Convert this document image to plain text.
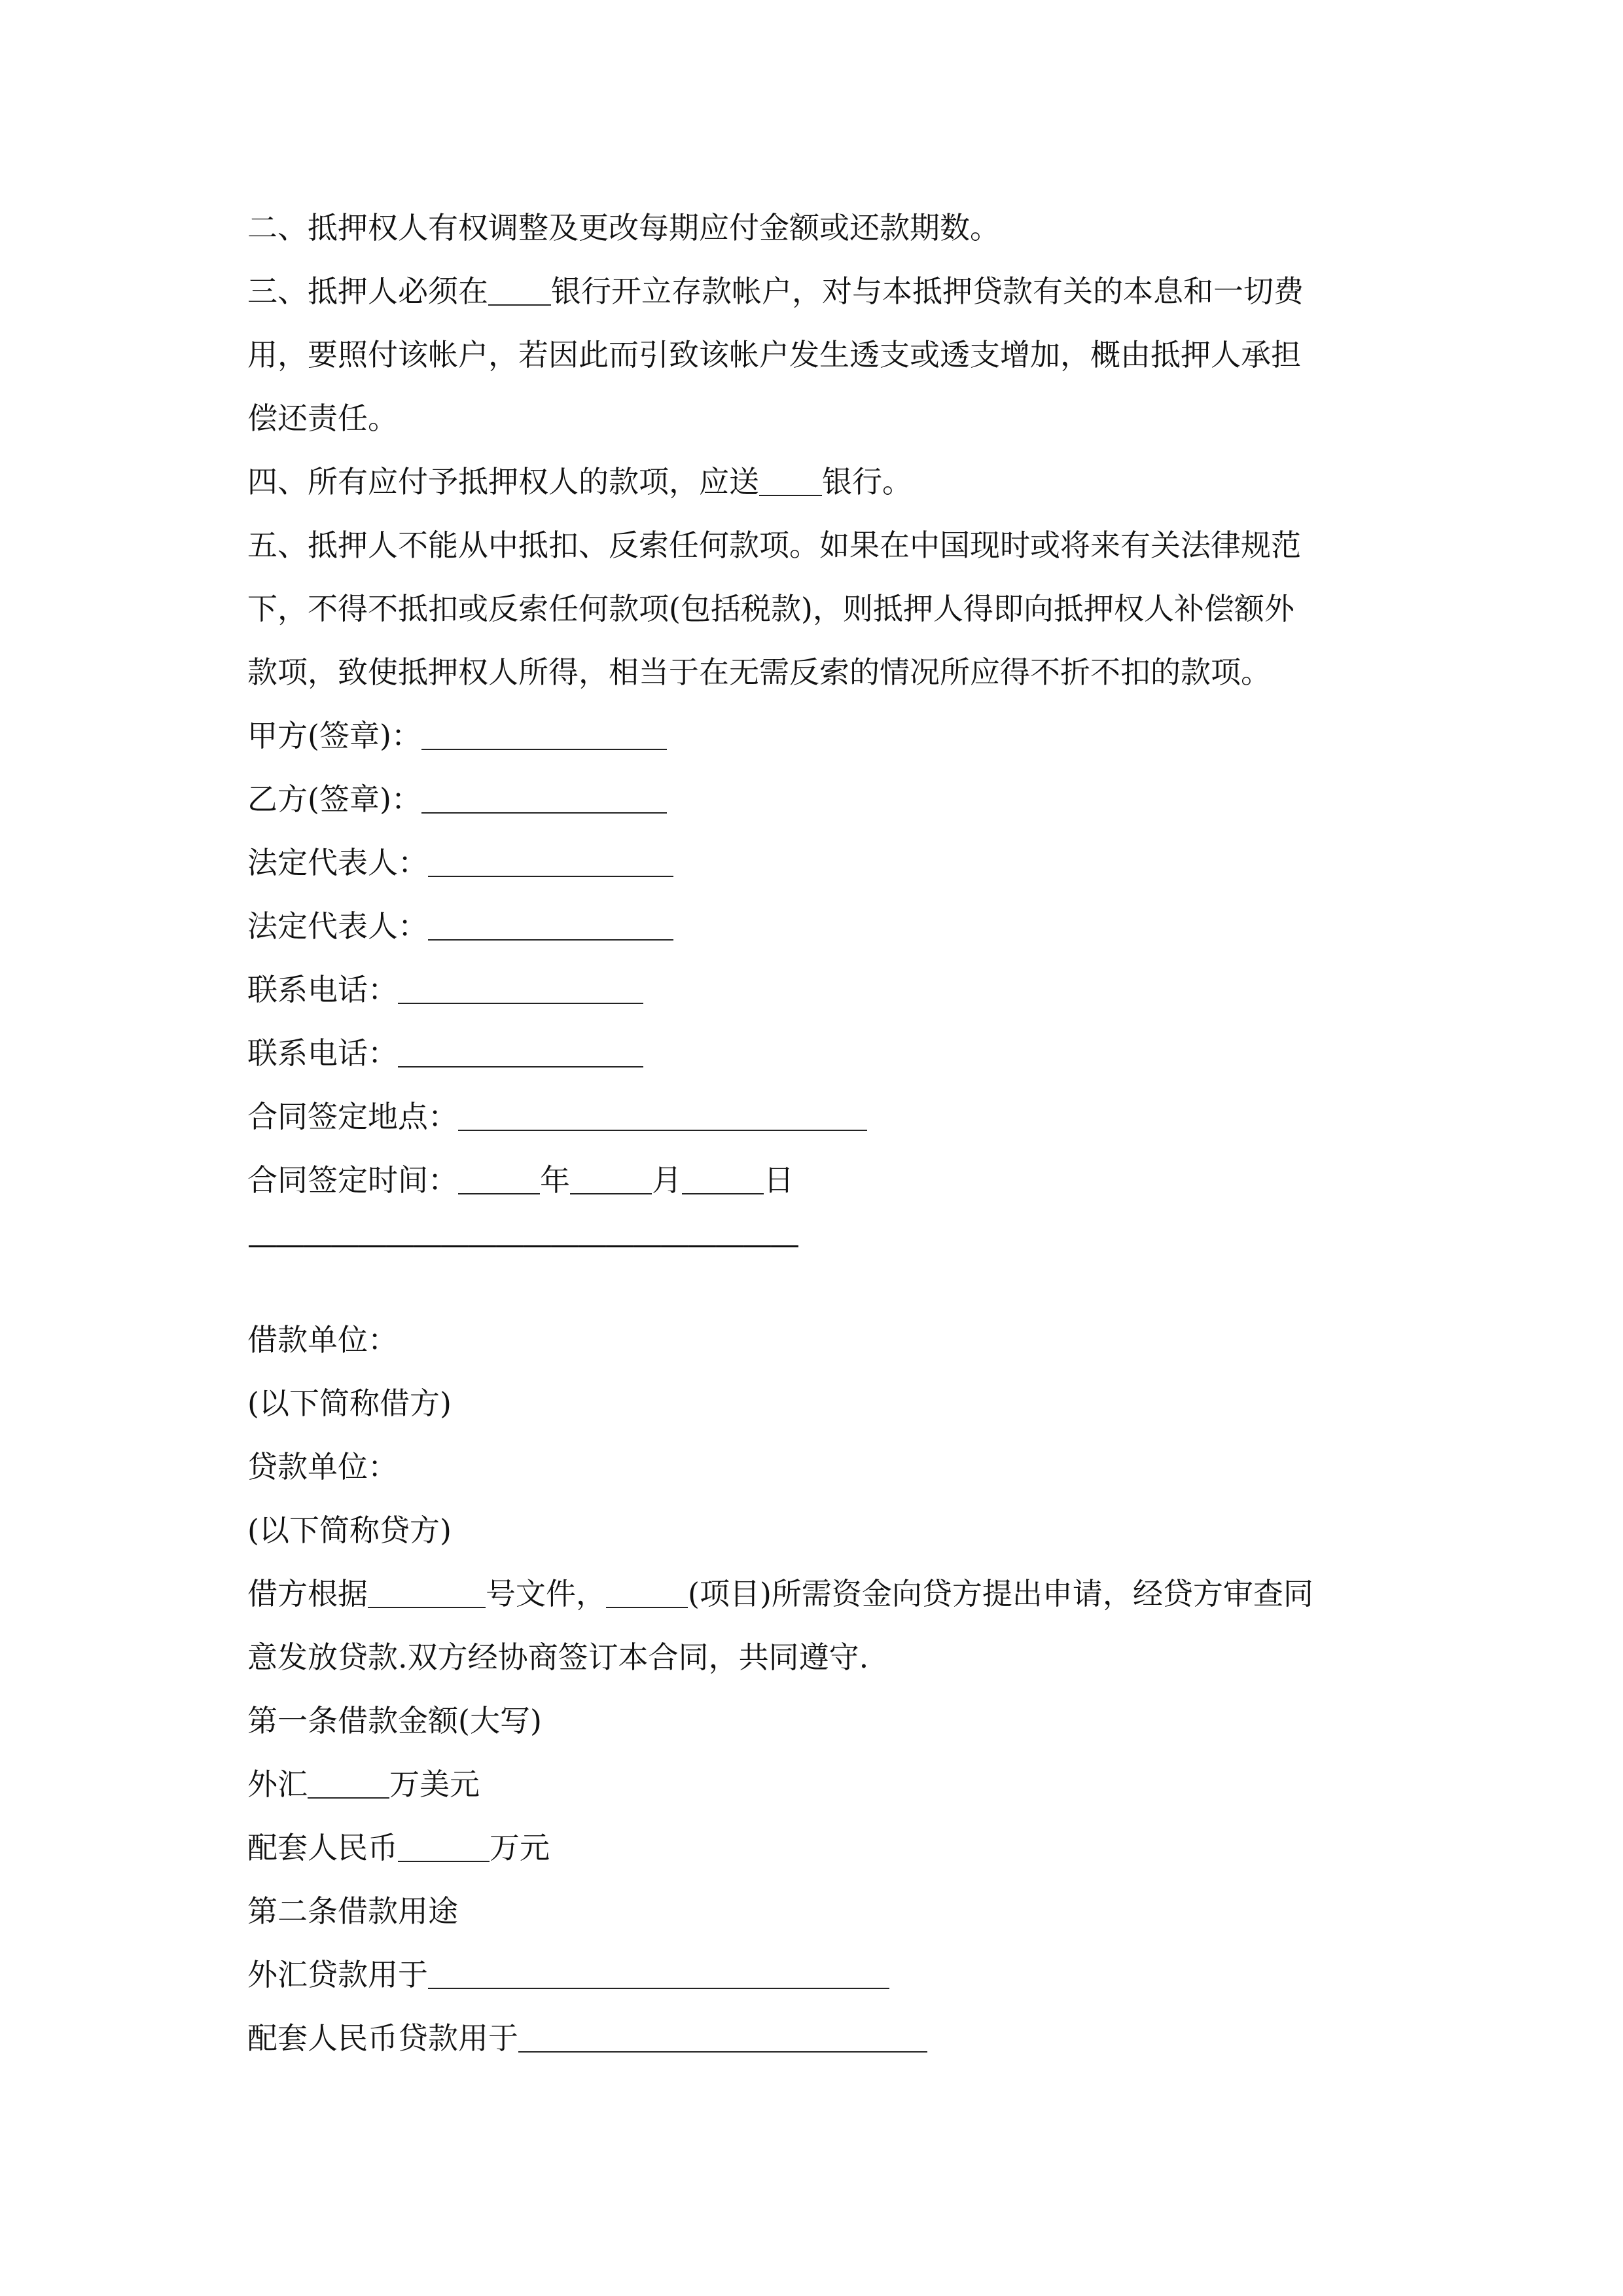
二、抵押权人有权调整及更改每期应付金额或还款期数。
三、抵押人必须在 银行开立存款帐户，对与本抵押贷款有关的本息和一切费
用，要照付该帐户，若因此而引致该帐户发生透支或透支增加，概由抵押人承担
偿还责任。
四、所有应付予抵押权人的款项，应送 银行。
五、抵押人不能从中抵扣、反索任何款项。如果在中国现时或将来有关法律规范
下，不得不抵扣或反索任何款项(包括税款)，则抵押人得即向抵押权人补偿额外
款项，致使抵押权人所得，相当于在无需反索的情况所应得不折不扣的款项。
甲方(签章)：
乙方(签章)：
法定代表人：
法定代表人：
联系电话：
联系电话：
合同签定地点：
合同签定时间：	年	月	日
————————————————————
借款单位：
(以下简称借方)
贷款单位：
(以下简称贷方)
借方根据	号文件，	(项目)所需资金向贷方提出申请，经贷方审查同
意发放贷款.双方经协商签订本合同，共同遵守.
第一条借款金额(大写)
外汇	万美元
配套人民币	万元
第二条借款用途
外汇贷款用于
配套人民币贷款用于
